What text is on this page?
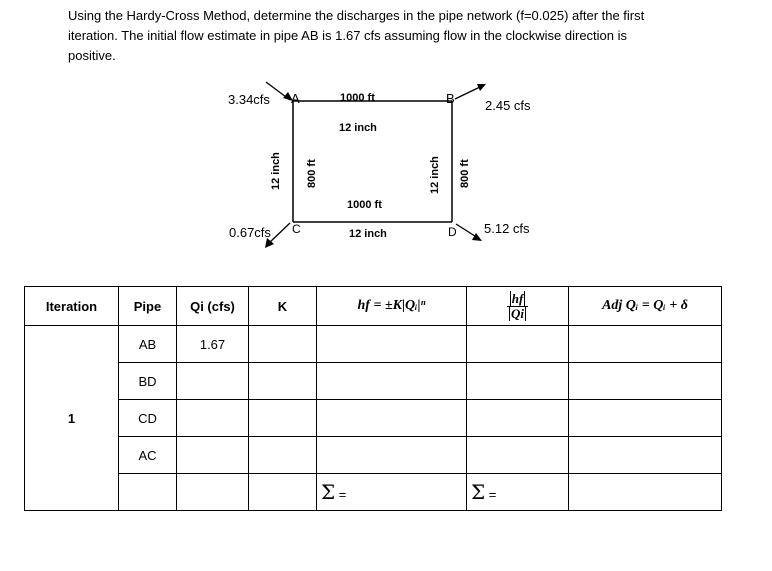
Using the Hardy-Cross Method, determine the discharges in the pipe network (f=0.025) after the first

iteration. The initial flow estimate in pipe AB is 1.67 cfs assuming flow in the clockwise direction is

positive.

A	B
C	D
3.34cfs	2.45 cfs
0.67cfs	5.12 cfs
1000 ft
12 inch
1000 ft
12 inch
12 inch 800 ft	12 inch 800 ft
Iteration	Pipe	Qi (cfs)	K	hf = ±K|Qᵢ|ⁿ	$\frac{hf}{Qi}$	Adj Qᵢ = Qᵢ + δ
1	AB	1.67				
	BD					
	CD					
	AC					
				Σ =	Σ =	
